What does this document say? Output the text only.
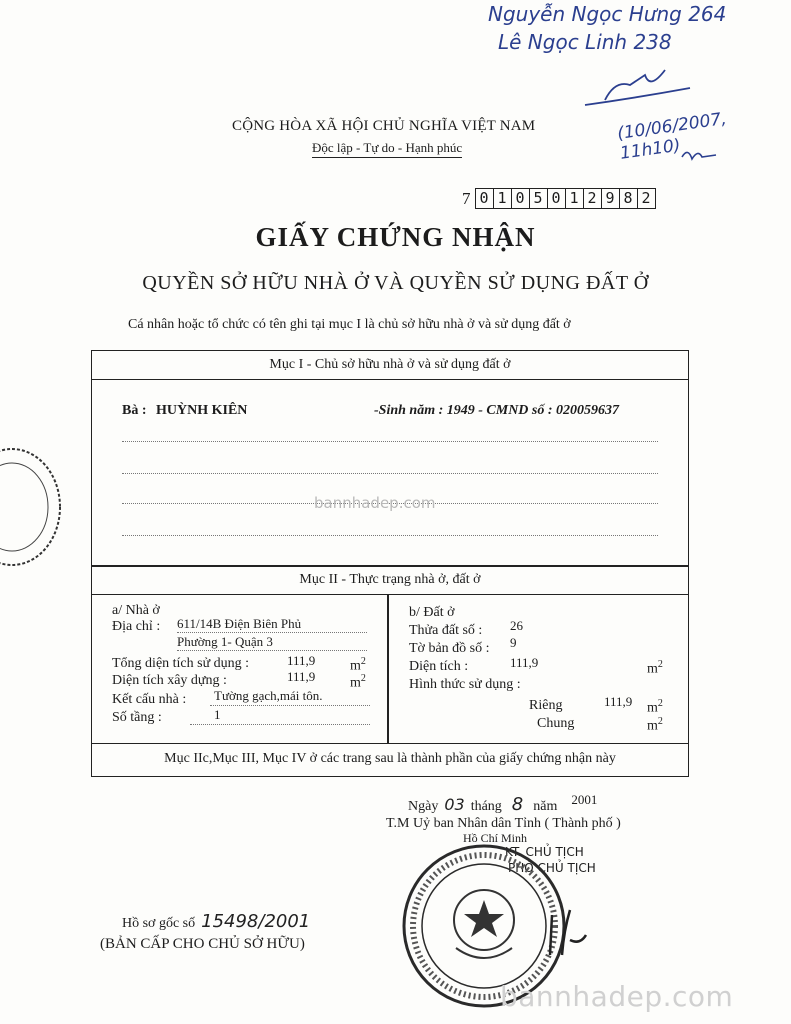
Nguyễn Ngọc Hưng 264
Lê Ngọc Linh 238
(10/06/2007, 11h10)
CỘNG HÒA XÃ HỘI CHỦ NGHĨA VIỆT NAM
Độc lập - Tự do - Hạnh phúc
7 0 1 0 5 0 1 2 9 8 2
GIẤY CHỨNG NHẬN
QUYỀN SỞ HỮU NHÀ Ở VÀ QUYỀN SỬ DỤNG ĐẤT Ở
Cá nhân hoặc tổ chức có tên ghi tại mục I là chủ sở hữu nhà ở và sử dụng đất ở
Mục I - Chủ sở hữu nhà ở và sử dụng đất ở
Bà : HUỲNH KIÊN	-Sinh năm : 1949 - CMND số : 020059637
bannhadep.com
Mục II - Thực trạng nhà ở, đất ở
a/ Nhà ở
Địa chỉ : 611/14B Điện Biên Phủ
Phường 1- Quận 3
Tổng diện tích sử dụng :	111,9 $m^2$
Diện tích xây dựng :	111,9 $m^2$
Kết cấu nhà : Tường gạch,mái tôn.
Số tầng :	1
b/ Đất ở
Thửa đất số : 26
Tờ bản đồ số : 9
Diện tích :	111,9	$m^2$
Hình thức sử dụng :
Riêng	111,9 $m^2$
Chung	$m^2$
Mục IIc,Mục III, Mục IV ở các trang sau là thành phần của giấy chứng nhận này
Ngày 03 tháng 8 năm 2001
T.M Uỷ ban Nhân dân Tỉnh ( Thành phố )
Hồ Chí Minh
KT. CHỦ TỊCH
PHÓ CHỦ TỊCH
Hồ sơ gốc số 15498/2001
(BẢN CẤP CHO CHỦ SỞ HỮU)
bannhadep.com
